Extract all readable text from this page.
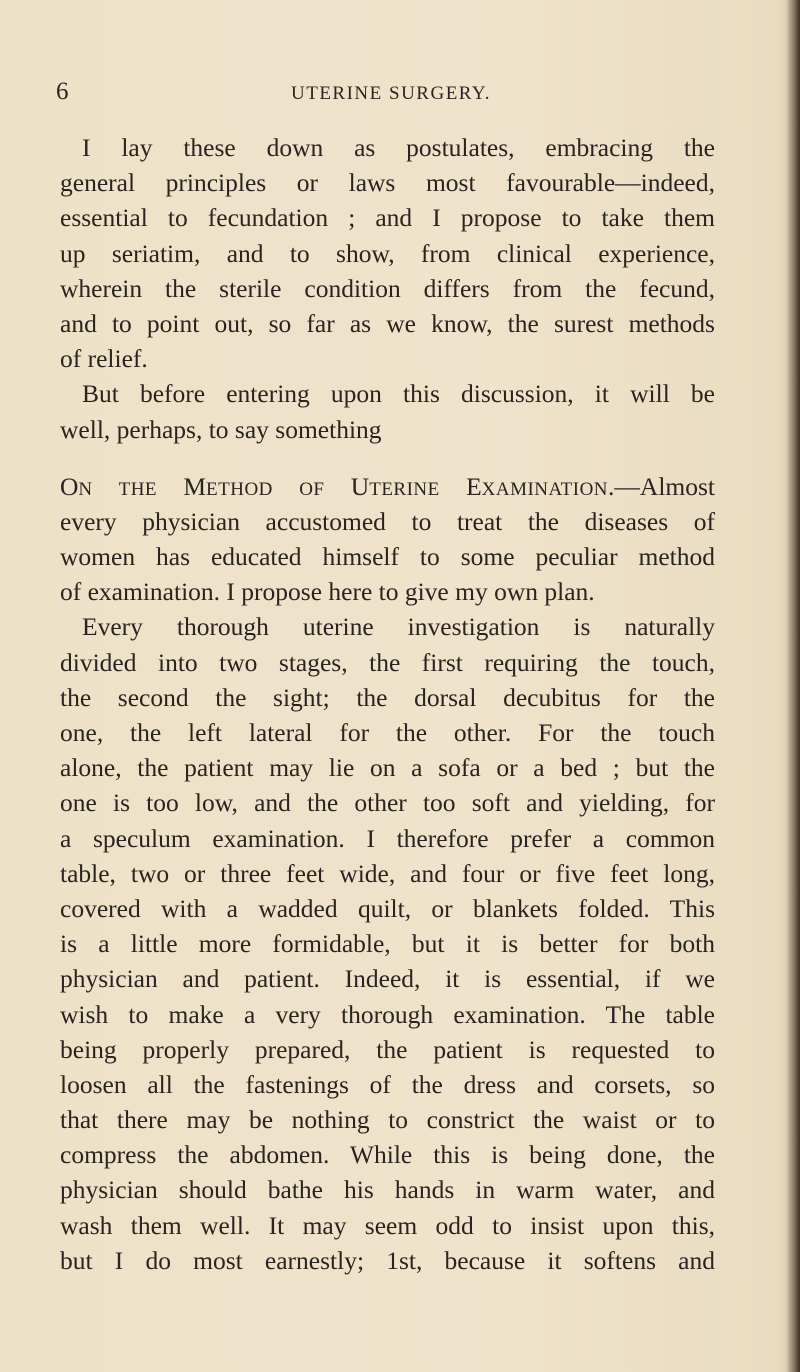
6	UTERINE SURGERY.
I lay these down as postulates, embracing the
general principles or laws most favourable—indeed,
essential to fecundation ; and I propose to take them
up seriatim, and to show, from clinical experience,
wherein the sterile condition differs from the fecund,
and to point out, so far as we know, the surest methods
of relief.
But before entering upon this discussion, it will be
well, perhaps, to say something
ON THE METHOD OF UTERINE EXAMINATION.—Almost
every physician accustomed to treat the diseases of
women has educated himself to some peculiar method
of examination. I propose here to give my own plan.
Every thorough uterine investigation is naturally
divided into two stages, the first requiring the touch,
the second the sight; the dorsal decubitus for the
one, the left lateral for the other. For the touch
alone, the patient may lie on a sofa or a bed ; but the
one is too low, and the other too soft and yielding, for
a speculum examination. I therefore prefer a common
table, two or three feet wide, and four or five feet long,
covered with a wadded quilt, or blankets folded. This
is a little more formidable, but it is better for both
physician and patient. Indeed, it is essential, if we
wish to make a very thorough examination. The table
being properly prepared, the patient is requested to
loosen all the fastenings of the dress and corsets, so
that there may be nothing to constrict the waist or to
compress the abdomen. While this is being done, the
physician should bathe his hands in warm water, and
wash them well. It may seem odd to insist upon this,
but I do most earnestly; 1st, because it softens and
